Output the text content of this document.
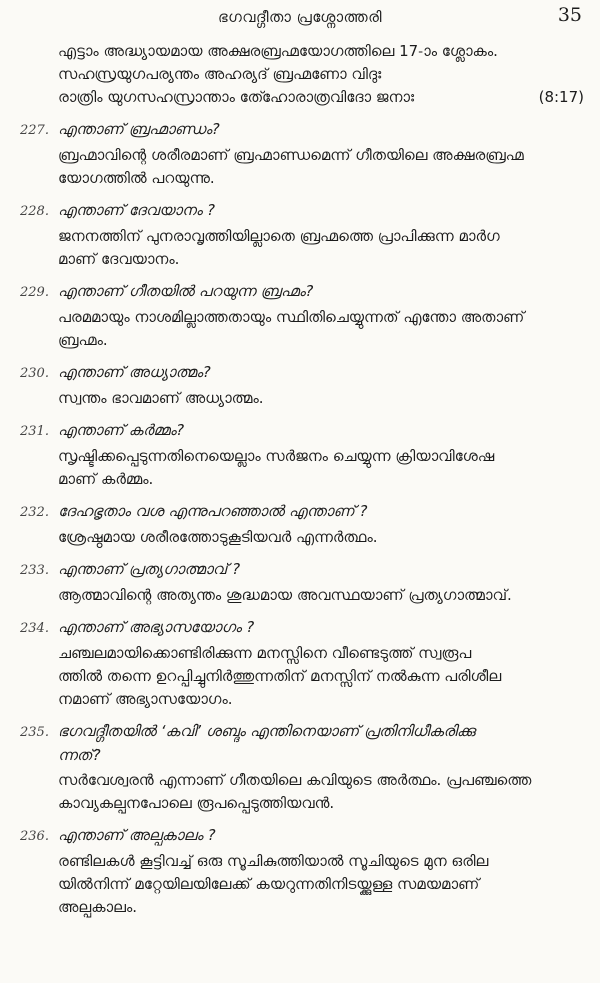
ഭഗവദ്ഗീതാ പ്രശ്നോത്തരി	35
എട്ടാം അദ്ധ്യായമായ അക്ഷരബ്രഹ്മയോഗത്തിലെ 17-ാം ശ്ലോകം.
സഹസ്രയുഗപര്യന്തം അഹര്യദ് ബ്രഹ്മണോ വിദുഃ
രാത്രിം യുഗസഹസ്രാന്താം തേ്ഹോരാത്രവിദോ ജനാഃ	(8:17)
227. എന്താണ് ബ്രഹ്മാണ്ഡം?
ബ്രഹ്മാവിന്റെ ശരീരമാണ് ബ്രഹ്മാണ്ഡമെന്ന് ഗീതയിലെ അക്ഷരബ്രഹ്മ
യോഗത്തിൽ പറയുന്നു.
228. എന്താണ് ദേവയാനം ?
ജനനത്തിന് പുനരാവൃത്തിയില്ലാതെ ബ്രഹ്മത്തെ പ്രാപിക്കുന്ന മാർഗ
മാണ് ദേവയാനം.
229. എന്താണ് ഗീതയിൽ പറയുന്ന ബ്രഹ്മം?
പരമമായും നാശമില്ലാത്തതായും സ്ഥിതിചെയ്യുന്നത് എന്തോ അതാണ്
ബ്രഹ്മം.
230. എന്താണ് അധ്യാത്മം?
സ്വന്തം ഭാവമാണ് അധ്യാത്മം.
231. എന്താണ് കർമ്മം?
സൃഷ്ടിക്കപ്പെടുന്നതിനെയെല്ലാം സർജനം ചെയ്യുന്ന ക്രിയാവിശേഷ
മാണ് കർമ്മം.
232. ദേഹഭൃതാം വശ എന്നുപറഞ്ഞാൽ എന്താണ് ?
ശ്രേഷ്ഠമായ ശരീരത്തോടുകൂടിയവർ എന്നർത്ഥം.
233. എന്താണ് പ്രത്യഗാത്മാവ് ?
ആത്മാവിന്റെ അത്യന്തം ശുദ്ധമായ അവസ്ഥയാണ് പ്രത്യഗാത്മാവ്.
234. എന്താണ് അഭ്യാസയോഗം ?
ചഞ്ചലമായിക്കൊണ്ടിരിക്കുന്ന മനസ്സിനെ വീണ്ടെടുത്ത് സ്വരൂപ
ത്തിൽ തന്നെ ഉറപ്പിച്ചുനിർത്തുന്നതിന് മനസ്സിന് നൽകുന്ന പരിശീല
നമാണ് അഭ്യാസയോഗം.
235. ഭഗവദ്ഗീതയിൽ ‘കവി’ ശബ്ദം എന്തിനെയാണ് പ്രതിനിധീകരിക്കു
ന്നത്?
സർവേശ്വരൻ എന്നാണ് ഗീതയിലെ കവിയുടെ അർത്ഥം. പ്രപഞ്ചത്തെ
കാവ്യകല്പനപോലെ രൂപപ്പെടുത്തിയവൻ.
236. എന്താണ് അല്പകാലം ?
രണ്ടിലകൾ കൂട്ടിവച്ച് ഒരു സൂചികുത്തിയാൽ സൂചിയുടെ മുന ഒരില
യിൽനിന്ന് മറ്റേയിലയിലേക്ക് കയറുന്നതിനിടയ്ക്കുള്ള സമയമാണ്
അല്പകാലം.
